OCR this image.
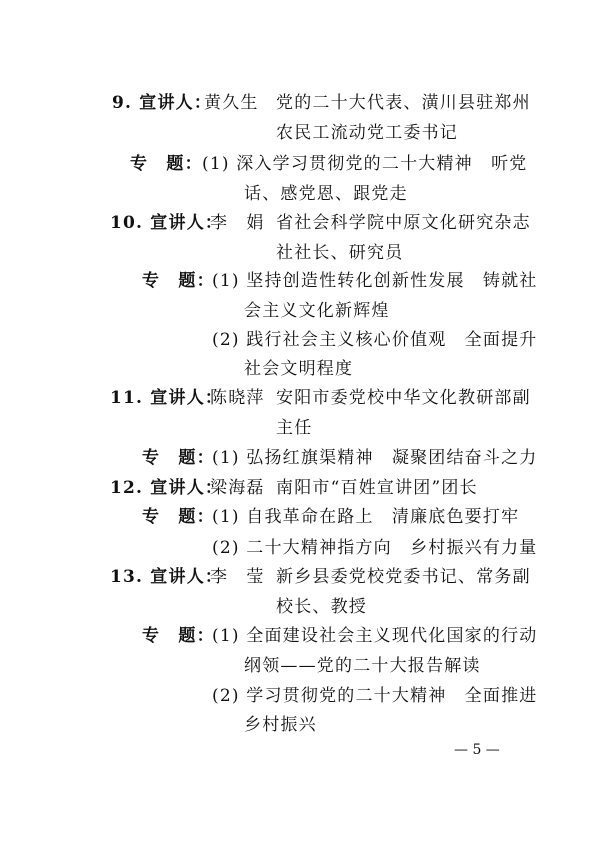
9. 宣讲人：
黄久生 党的二十大代表、潢川县驻郑州
农民工流动党工委书记
专　题： (1) 深入学习贯彻党的二十大精神　听党
话、感党恩、跟党走
10. 宣讲人：
李　娟 省社会科学院中原文化研究杂志
社社长、研究员
专　题：
(1) 坚持创造性转化创新性发展　铸就社
会主义文化新辉煌
(2) 践行社会主义核心价值观　全面提升
社会文明程度
11. 宣讲人：
陈晓萍 安阳市委党校中华文化教研部副
主任
专　题：
(1) 弘扬红旗渠精神　凝聚团结奋斗之力
12. 宣讲人：
梁海磊 南阳市“百姓宣讲团”团长
专　题：
(1) 自我革命在路上　清廉底色要打牢
(2) 二十大精神指方向　乡村振兴有力量
13. 宣讲人：
李　莹 新乡县委党校党委书记、常务副
校长、教授
专　题：
(1) 全面建设社会主义现代化国家的行动
纲领——党的二十大报告解读
(2) 学习贯彻党的二十大精神　全面推进
乡村振兴
— 5 —
